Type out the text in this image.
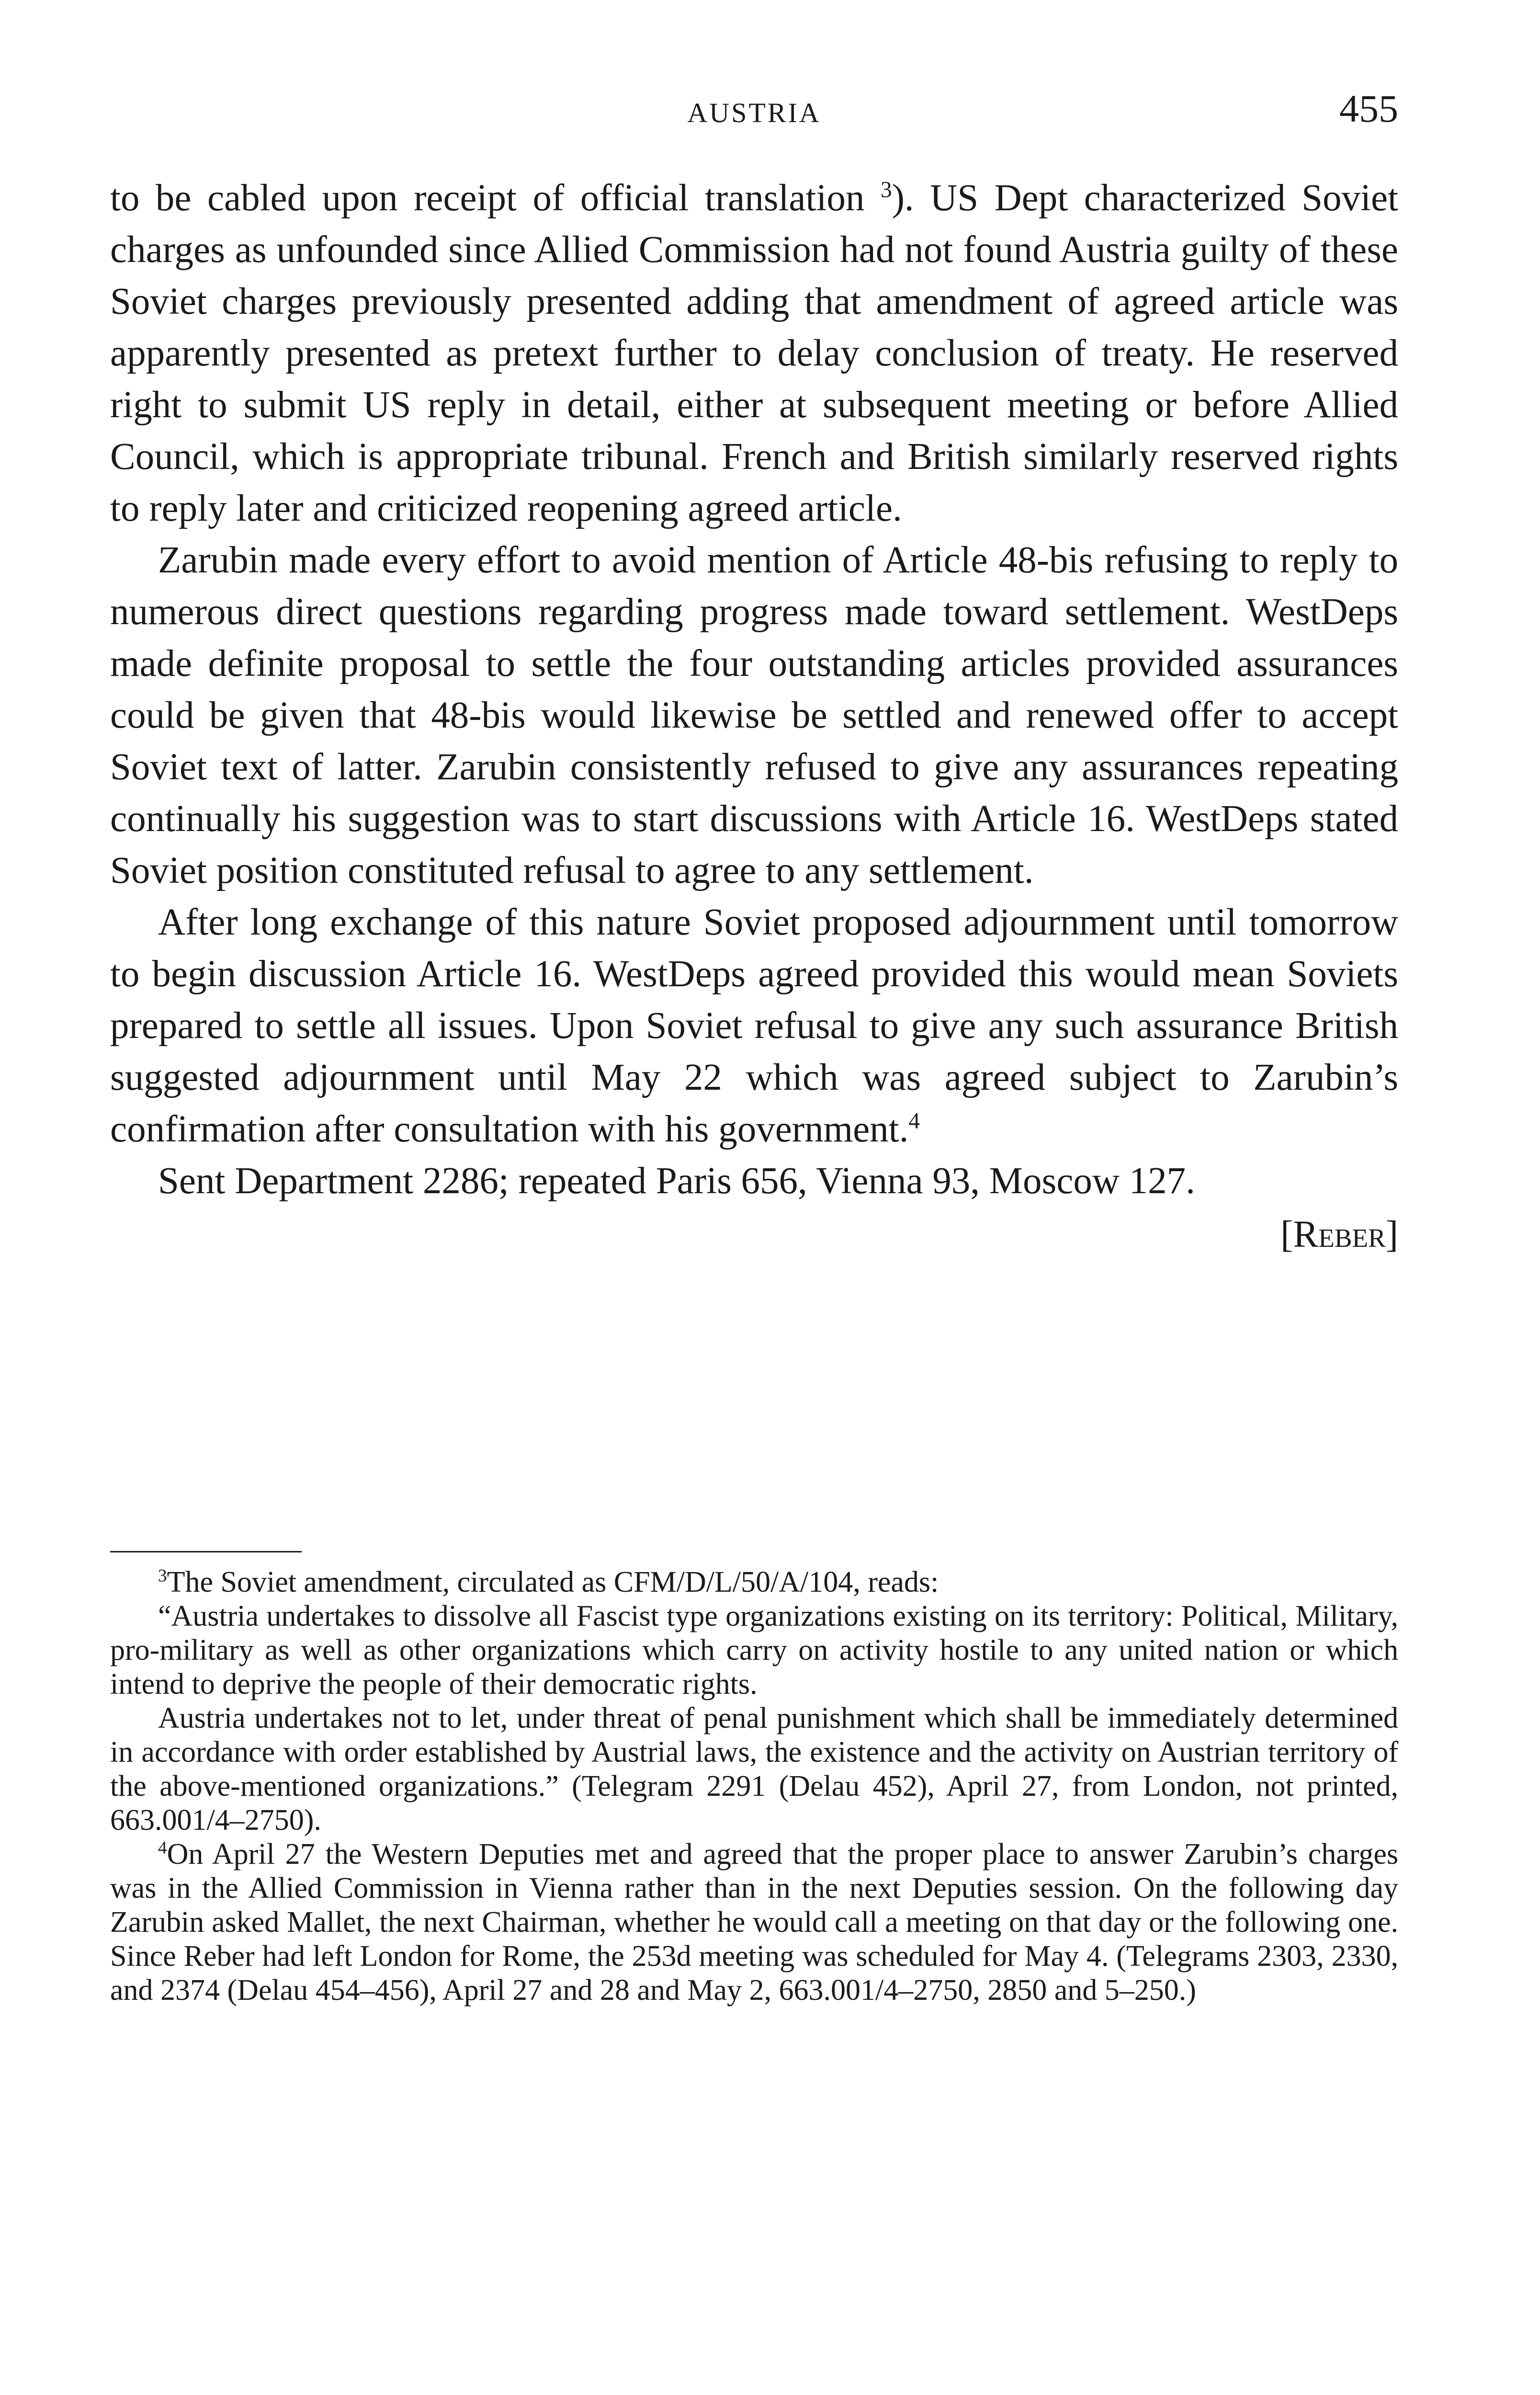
AUSTRIA	455

to be cabled upon receipt of official translation $^3$). US Dept characterized Soviet charges as unfounded since Allied Commission had not found Austria guilty of these Soviet charges previously presented adding that amendment of agreed article was apparently presented as pretext further to delay conclusion of treaty. He reserved right to submit US reply in detail, either at subsequent meeting or before Allied Council, which is appropriate tribunal. French and British similarly reserved rights to reply later and criticized reopening agreed article.

Zarubin made every effort to avoid mention of Article 48-bis refusing to reply to numerous direct questions regarding progress made toward settlement. WestDeps made definite proposal to settle the four outstanding articles provided assurances could be given that 48-bis would likewise be settled and renewed offer to accept Soviet text of latter. Zarubin consistently refused to give any assurances repeating continually his suggestion was to start discussions with Article 16. WestDeps stated Soviet position constituted refusal to agree to any settlement.

After long exchange of this nature Soviet proposed adjournment until tomorrow to begin discussion Article 16. WestDeps agreed provided this would mean Soviets prepared to settle all issues. Upon Soviet refusal to give any such assurance British suggested adjournment until May 22 which was agreed subject to Zarubin’s confirmation after consultation with his government.$^4$

Sent Department 2286; repeated Paris 656, Vienna 93, Moscow 127.

[Reber]

$^3$The Soviet amendment, circulated as CFM/D/L/50/A/104, reads:

“Austria undertakes to dissolve all Fascist type organizations existing on its territory: Political, Military, pro-military as well as other organizations which carry on activity hostile to any united nation or which intend to deprive the people of their democratic rights.

Austria undertakes not to let, under threat of penal punishment which shall be immediately determined in accordance with order established by Austrial laws, the existence and the activity on Austrian territory of the above-mentioned organizations.” (Telegram 2291 (Delau 452), April 27, from London, not printed, 663.001/4–2750).

$^4$On April 27 the Western Deputies met and agreed that the proper place to answer Zarubin’s charges was in the Allied Commission in Vienna rather than in the next Deputies session. On the following day Zarubin asked Mallet, the next Chairman, whether he would call a meeting on that day or the following one. Since Reber had left London for Rome, the 253d meeting was scheduled for May 4. (Telegrams 2303, 2330, and 2374 (Delau 454–456), April 27 and 28 and May 2, 663.001/4–2750, 2850 and 5–250.)
